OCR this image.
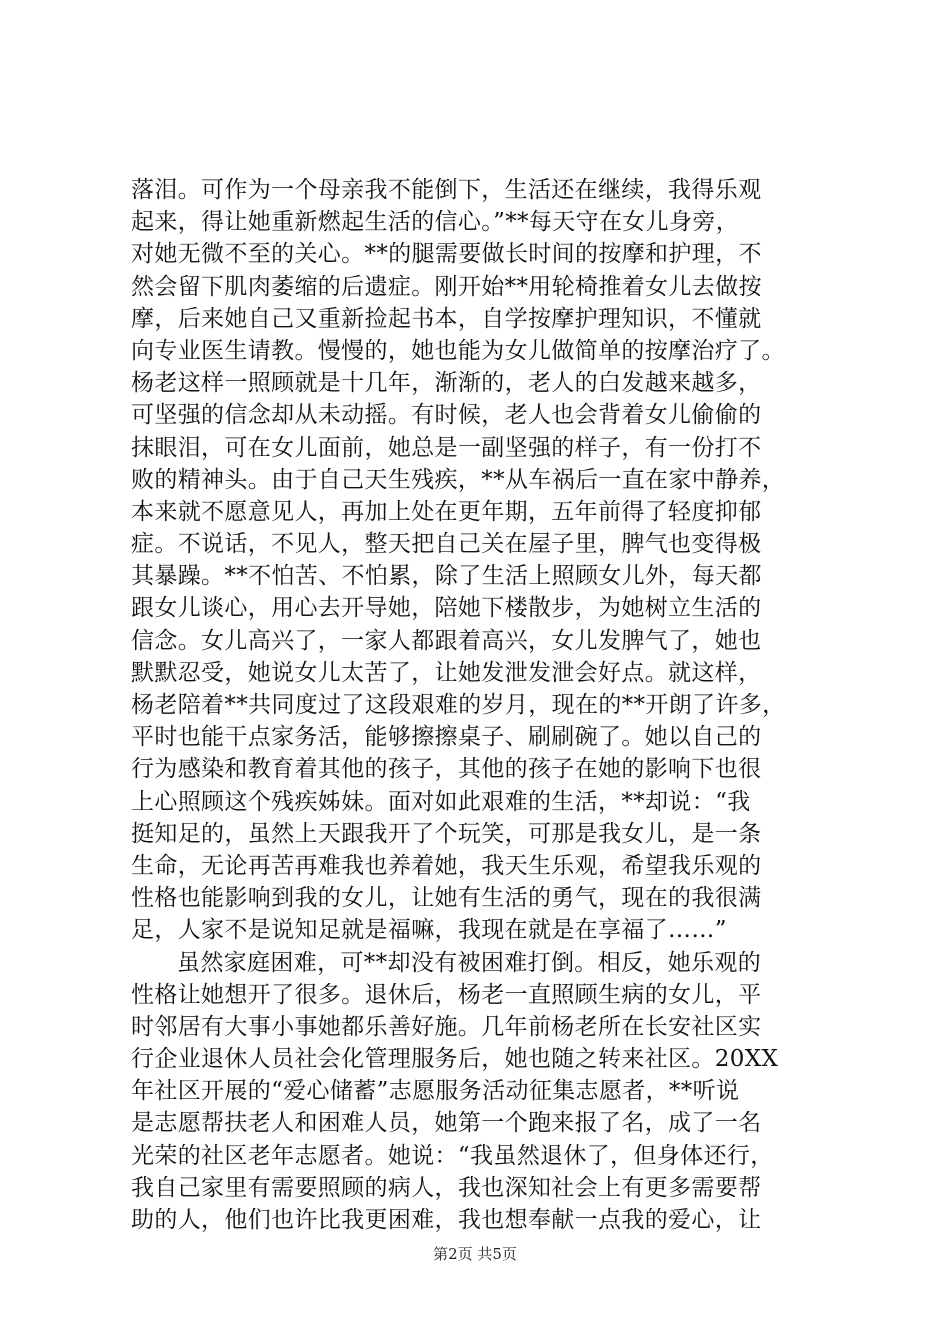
落泪。可作为一个母亲我不能倒下，生活还在继续，我得乐观
起来，得让她重新燃起生活的信心。”**每天守在女儿身旁，
对她无微不至的关心。**的腿需要做长时间的按摩和护理，不
然会留下肌肉萎缩的后遗症。刚开始**用轮椅推着女儿去做按
摩，后来她自己又重新捡起书本，自学按摩护理知识，不懂就
向专业医生请教。慢慢的，她也能为女儿做简单的按摩治疗了。
杨老这样一照顾就是十几年，渐渐的，老人的白发越来越多，
可坚强的信念却从未动摇。有时候，老人也会背着女儿偷偷的
抹眼泪，可在女儿面前，她总是一副坚强的样子，有一份打不
败的精神头。由于自己天生残疾，**从车祸后一直在家中静养，
本来就不愿意见人，再加上处在更年期，五年前得了轻度抑郁
症。不说话，不见人，整天把自己关在屋子里，脾气也变得极
其暴躁。**不怕苦、不怕累，除了生活上照顾女儿外，每天都
跟女儿谈心，用心去开导她，陪她下楼散步，为她树立生活的
信念。女儿高兴了，一家人都跟着高兴，女儿发脾气了，她也
默默忍受，她说女儿太苦了，让她发泄发泄会好点。就这样，
杨老陪着**共同度过了这段艰难的岁月，现在的**开朗了许多，
平时也能干点家务活，能够擦擦桌子、刷刷碗了。她以自己的
行为感染和教育着其他的孩子，其他的孩子在她的影响下也很
上心照顾这个残疾姊妹。面对如此艰难的生活，**却说：“我
挺知足的，虽然上天跟我开了个玩笑，可那是我女儿，是一条
生命，无论再苦再难我也养着她，我天生乐观，希望我乐观的
性格也能影响到我的女儿，让她有生活的勇气，现在的我很满
足，人家不是说知足就是福嘛，我现在就是在享福了……”
虽然家庭困难，可**却没有被困难打倒。相反，她乐观的
性格让她想开了很多。退休后，杨老一直照顾生病的女儿，平
时邻居有大事小事她都乐善好施。几年前杨老所在长安社区实
行企业退休人员社会化管理服务后，她也随之转来社区。20XX
年社区开展的“爱心储蓄”志愿服务活动征集志愿者，**听说
是志愿帮扶老人和困难人员，她第一个跑来报了名，成了一名
光荣的社区老年志愿者。她说：“我虽然退休了，但身体还行，
我自己家里有需要照顾的病人，我也深知社会上有更多需要帮
助的人，他们也许比我更困难，我也想奉献一点我的爱心，让
第2页 共5页
